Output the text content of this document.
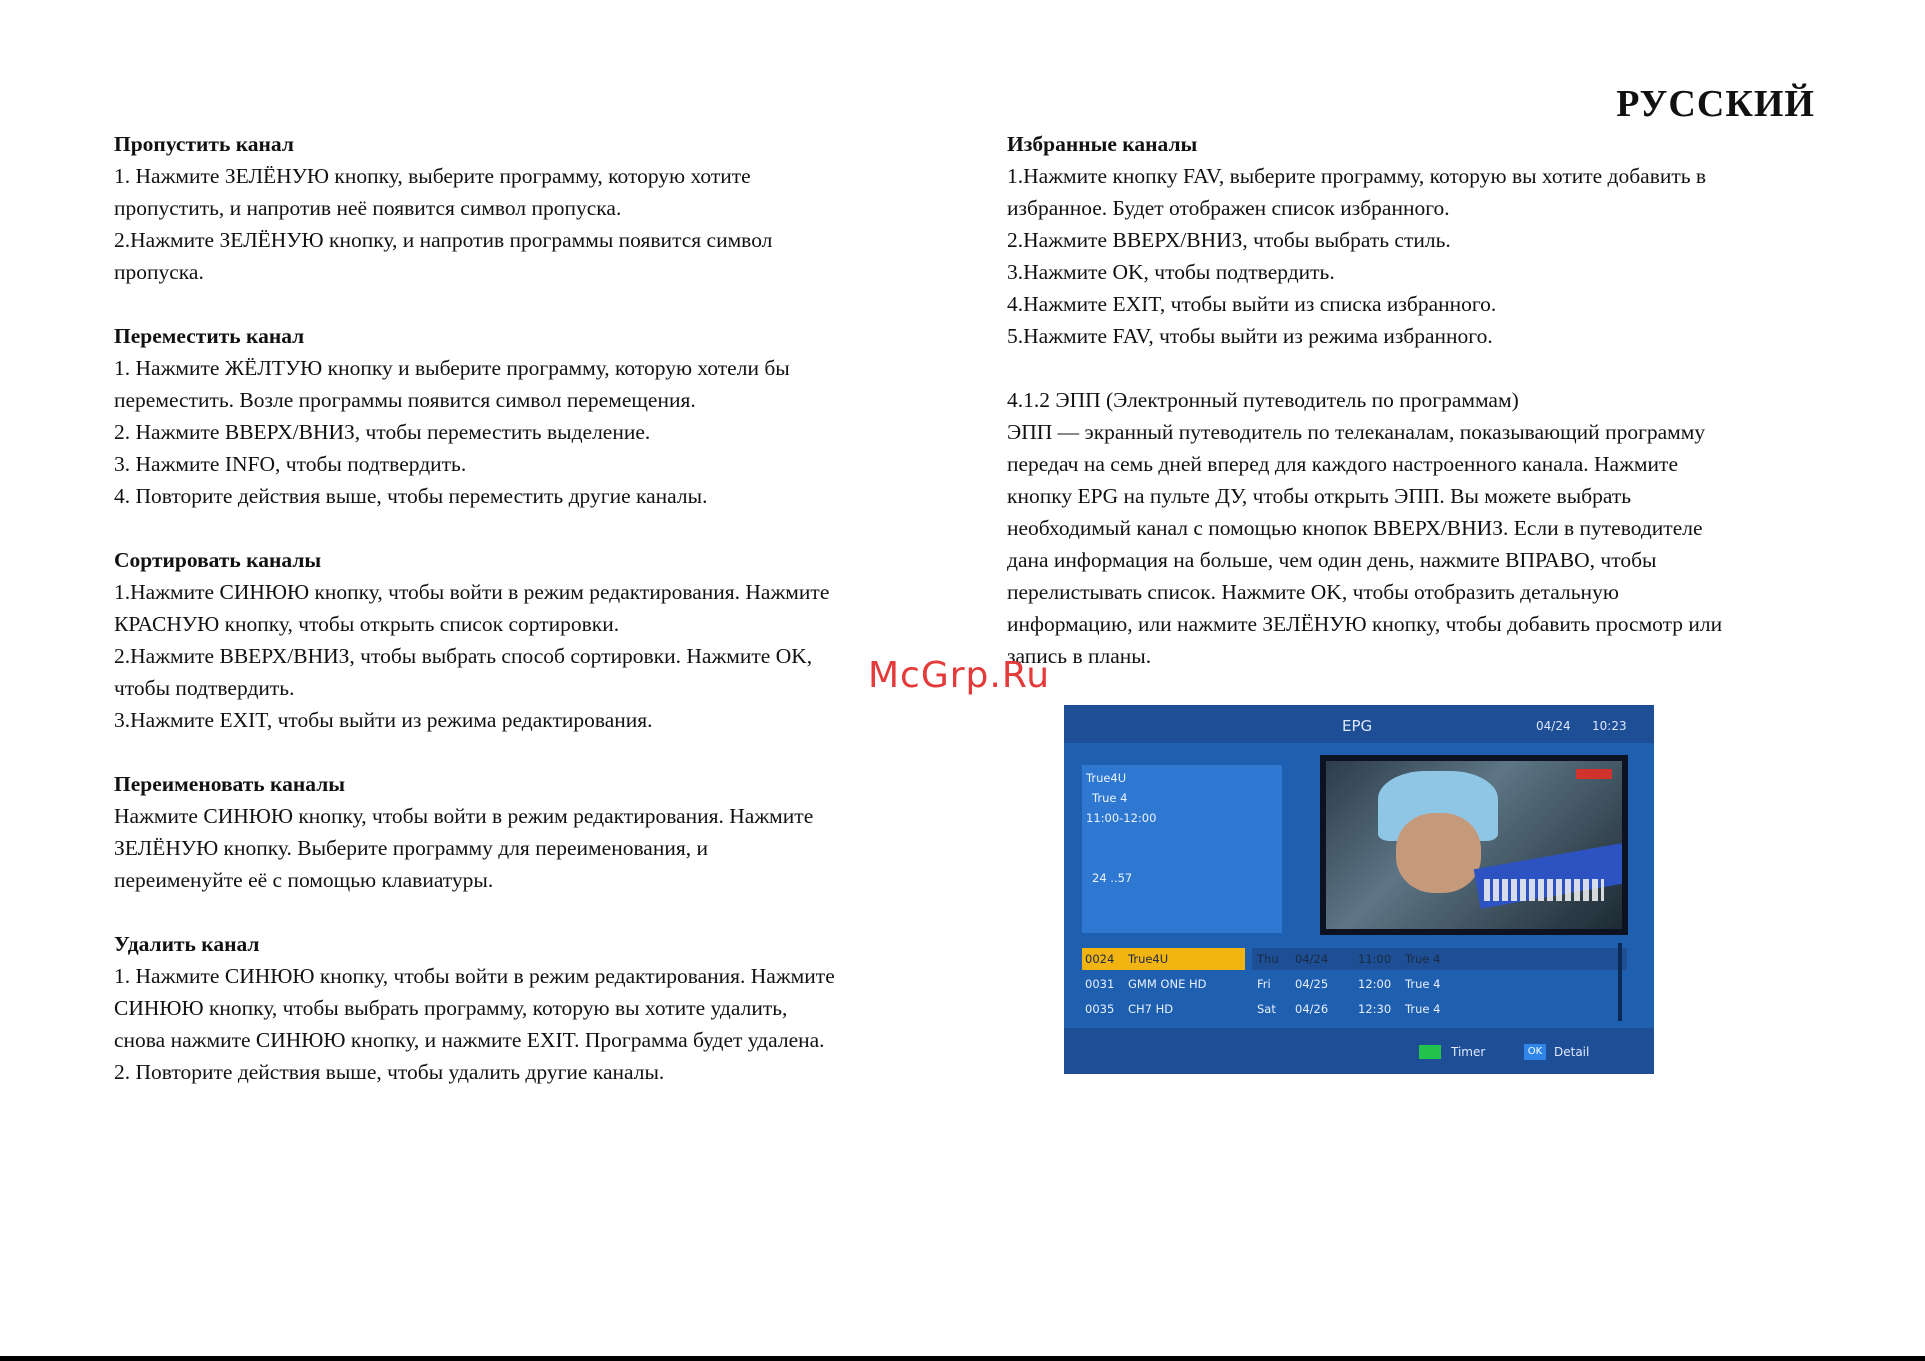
РУССКИЙ
Пропустить канал

1. Нажмите ЗЕЛЁНУЮ кнопку, выберите программу, которую хотите

пропустить, и напротив неё появится символ пропуска.

2.Нажмите ЗЕЛЁНУЮ кнопку, и напротив программы появится символ

пропуска.

Переместить канал

1. Нажмите ЖЁЛТУЮ кнопку и выберите программу, которую хотели бы

переместить. Возле программы появится символ перемещения.

2. Нажмите ВВЕРХ/ВНИЗ, чтобы переместить выделение.

3. Нажмите INFO, чтобы подтвердить.

4. Повторите действия выше, чтобы переместить другие каналы.

Сортировать каналы

1.Нажмите СИНЮЮ кнопку, чтобы войти в режим редактирования. Нажмите

КРАСНУЮ кнопку, чтобы открыть список сортировки.

2.Нажмите ВВЕРХ/ВНИЗ, чтобы выбрать способ сортировки. Нажмите OK,

чтобы подтвердить.

3.Нажмите EXIT, чтобы выйти из режима редактирования.

Переименовать каналы

Нажмите СИНЮЮ кнопку, чтобы войти в режим редактирования. Нажмите

ЗЕЛЁНУЮ кнопку. Выберите программу для переименования, и

переименуйте её с помощью клавиатуры.

Удалить канал

1. Нажмите СИНЮЮ кнопку, чтобы войти в режим редактирования. Нажмите

СИНЮЮ кнопку, чтобы выбрать программу, которую вы хотите удалить,

снова нажмите СИНЮЮ кнопку, и нажмите EXIT. Программа будет удалена.

2. Повторите действия выше, чтобы удалить другие каналы.

Избранные каналы

1.Нажмите кнопку FAV, выберите программу, которую вы хотите добавить в

избранное. Будет отображен список избранного.

2.Нажмите ВВЕРХ/ВНИЗ, чтобы выбрать стиль.

3.Нажмите OK, чтобы подтвердить.

4.Нажмите EXIT, чтобы выйти из списка избранного.

5.Нажмите FAV, чтобы выйти из режима избранного.

4.1.2 ЭПП (Электронный путеводитель по программам)

ЭПП — экранный путеводитель по телеканалам, показывающий программу

передач на семь дней вперед для каждого настроенного канала. Нажмите

кнопку EPG на пульте ДУ, чтобы открыть ЭПП. Вы можете выбрать

необходимый канал с помощью кнопок ВВЕРХ/ВНИЗ. Если в путеводителе

дана информация на больше, чем один день, нажмите ВПРАВО, чтобы

перелистывать список. Нажмите OK, чтобы отобразить детальную

информацию, или нажмите ЗЕЛЁНУЮ кнопку, чтобы добавить просмотр или

запись в планы.

McGrp.Ru
EPG	04/24 10:23
True4U
True 4
11:00-12:00
24 ..57
0024 True4U	Thu 04/24	11:00 True 4
0031 GMM ONE HD	Fri 04/25	12:00 True 4
0035 CH7 HD	Sat 04/26	12:30 True 4
Timer	OK Detail
